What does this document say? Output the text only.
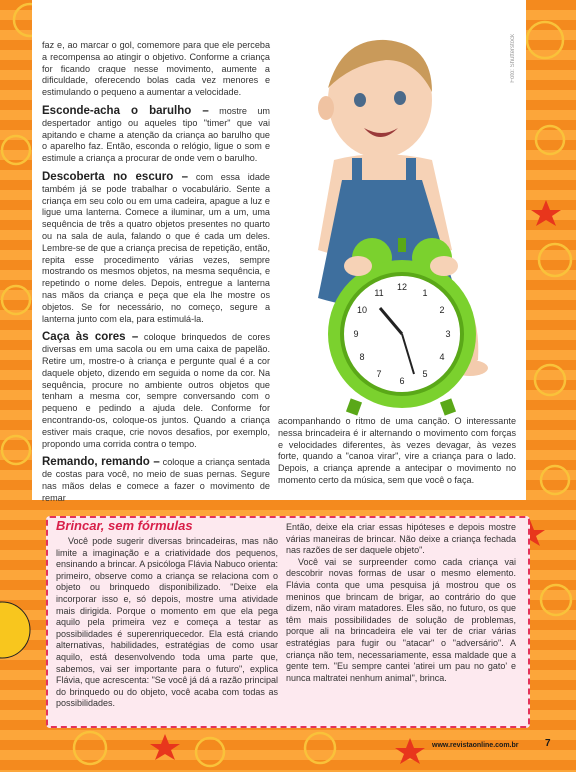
12
1
2
3
4
5
6
7
8
9
10
11
Foto: Shutterstock

faz e, ao marcar o gol, comemore para que ele perceba a recompensa ao atingir o objetivo. Conforme a criança for ficando craque nesse movimento, aumente a dificuldade, oferecendo bolas cada vez menores e estimulando o pequeno a aumentar a velocidade.

Esconde-acha o barulho – mostre um despertador antigo ou aqueles tipo "timer" que vai apitando e chame a atenção da criança ao barulho que o aparelho faz. Então, esconda o relógio, ligue o som e estimule a criança a procurar de onde vem o barulho.

Descoberta no escuro – com essa idade também já se pode trabalhar o vocabulário. Sente a criança em seu colo ou em uma cadeira, apague a luz e ligue uma lanterna. Comece a iluminar, um a um, uma sequência de três a quatro objetos presentes no quarto ou na sala de aula, falando o que é cada um deles. Lembre-se de que a criança precisa de repetição, então, repita esse procedimento várias vezes, sempre mostrando os mesmos objetos, na mesma sequência, e repetindo o nome deles. Depois, entregue a lanterna nas mãos da criança e peça que ela lhe mostre os objetos. Se for necessário, no começo, segure a lanterna junto com ela, para estimulá-la.

Caça às cores – coloque brinquedos de cores diversas em uma sacola ou em uma caixa de papelão. Retire um, mostre-o à criança e pergunte qual é a cor daquele objeto, dizendo em seguida o nome da cor. Na sequência, procure no ambiente outros objetos que tenham a mesma cor, sempre conversando com o pequeno e pedindo a ajuda dele. Conforme for encontrando-os, coloque-os juntos. Quando a criança estiver mais craque, crie novos desafios, por exemplo, propondo uma corrida contra o tempo.

Remando, remando – coloque a criança sentada de costas para você, no meio de suas pernas. Segure nas mãos delas e comece a fazer o movimento de remar

acompanhando o ritmo de uma canção. O interessante nessa brincadeira é ir alternando o movimento com forças e velocidades diferentes, às vezes devagar, às vezes forte, quando a "canoa virar", vire a criança para o lado. Depois, a criança aprende a antecipar o movimento no momento certo da música, sem que você o faça.

Brincar, sem fórmulas
Você pode sugerir diversas brincadeiras, mas não limite a imaginação e a criatividade dos pequenos, ensinando a brincar. A psicóloga Flávia Nabuco orienta: primeiro, observe como a criança se relaciona com o objeto ou brinquedo disponibilizado. "Deixe ela incorporar isso e, só depois, mostre uma atividade mais dirigida. Porque o momento em que ela pega aquilo pela primeira vez e começa a testar as possibilidades é superenriquecedor. Ela está criando alternativas, habilidades, estratégias de como usar aquilo, está desenvolvendo toda uma parte que, sabemos, vai ser importante para o futuro", explica Flávia, que acrescenta: "Se você já dá a razão principal do brinquedo ou do objeto, você acaba com todas as possibilidades.

Então, deixe ela criar essas hipóteses e depois mostre várias maneiras de brincar. Não deixe a criança fechada nas razões de ser daquele objeto".

Você vai se surpreender como cada criança vai descobrir novas formas de usar o mesmo elemento. Flávia conta que uma pesquisa já mostrou que os meninos que brincam de brigar, ao contrário do que dizem, não viram matadores. Eles são, no futuro, os que têm mais possibilidades de solução de problemas, porque ali na brincadeira ele vai ter de criar várias estratégias para fugir ou "atacar" o "adversário". A criança não tem, necessariamente, essa maldade que a gente tem. "Eu sempre cantei 'atirei um pau no gato' e nunca maltratei nenhum animal", brinca.

www.revistaonline.com.br	7
